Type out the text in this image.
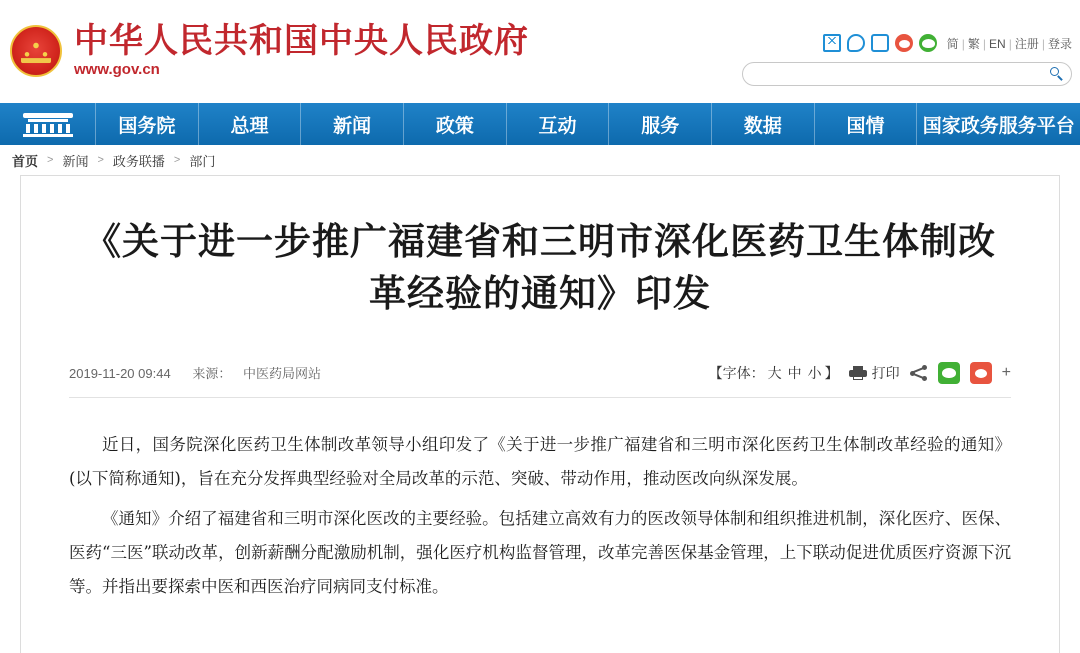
中华人民共和国中央人民政府
www.gov.cn
简 | 繁 | EN | 注册 | 登录
国务院	总理	新闻	政策	互动	服务	数据	国情	国家政务服务平台
首页 > 新闻 > 政务联播 > 部门
《关于进一步推广福建省和三明市深化医药卫生体制改革经验的通知》印发
2019-11-20 09:44 来源： 中医药局网站	【字体： 大 中 小 】 打印	+

近日，国务院深化医药卫生体制改革领导小组印发了《关于进一步推广福建省和三明市深化医药卫生体制改革经验的通知》(以下简称通知)，旨在充分发挥典型经验对全局改革的示范、突破、带动作用，推动医改向纵深发展。

《通知》介绍了福建省和三明市深化医改的主要经验。包括建立高效有力的医改领导体制和组织推进机制，深化医疗、医保、医药“三医”联动改革，创新薪酬分配激励机制，强化医疗机构监督管理，改革完善医保基金管理，上下联动促进优质医疗资源下沉等。并指出要探索中医和西医治疗同病同支付标准。
